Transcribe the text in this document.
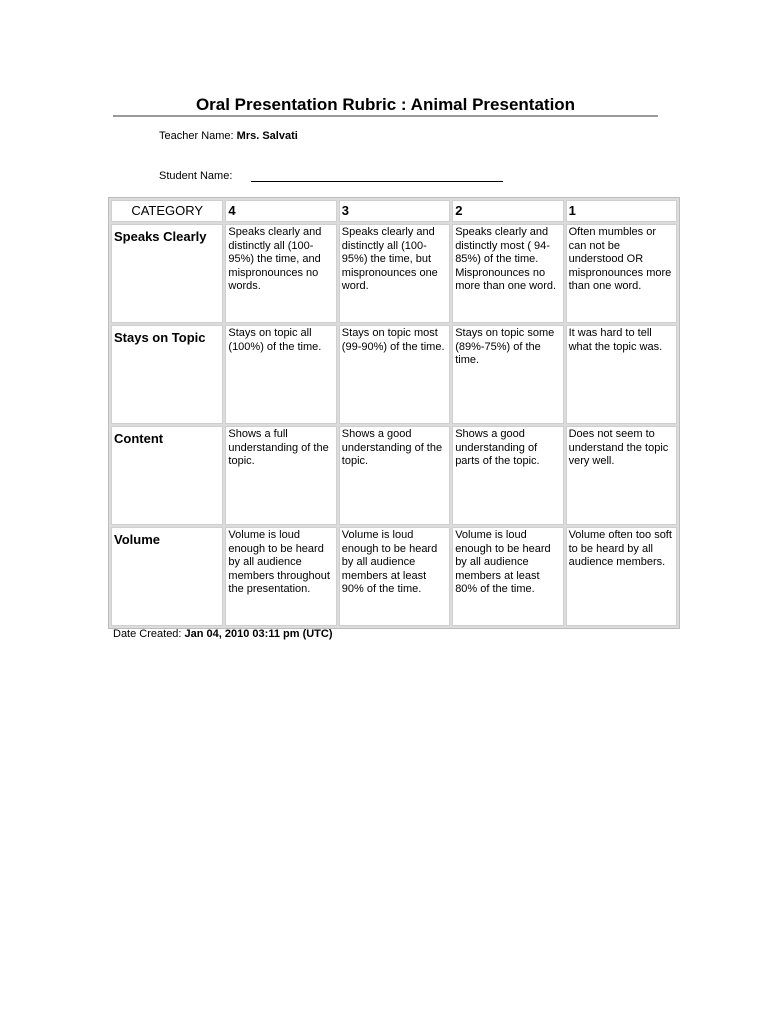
Oral Presentation Rubric : Animal Presentation
Teacher Name: Mrs. Salvati
Student Name:
CATEGORY	4	3	2	1
Speaks Clearly	Speaks clearly and distinctly all (100-95%) the time, and mispronounces no words.	Speaks clearly and distinctly all (100-95%) the time, but mispronounces one word.	Speaks clearly and distinctly most ( 94-85%) of the time. Mispronounces no more than one word.	Often mumbles or can not be understood OR mispronounces more than one word.
Stays on Topic	Stays on topic all (100%) of the time.	Stays on topic most (99-90%) of the time.	Stays on topic some (89%-75%) of the time.	It was hard to tell what the topic was.
Content	Shows a full understanding of the topic.	Shows a good understanding of the topic.	Shows a good understanding of parts of the topic.	Does not seem to understand the topic very well.
Volume	Volume is loud enough to be heard by all audience members throughout the presentation.	Volume is loud enough to be heard by all audience members at least 90% of the time.	Volume is loud enough to be heard by all audience members at least 80% of the time.	Volume often too soft to be heard by all audience members.
Date Created: Jan 04, 2010 03:11 pm (UTC)
